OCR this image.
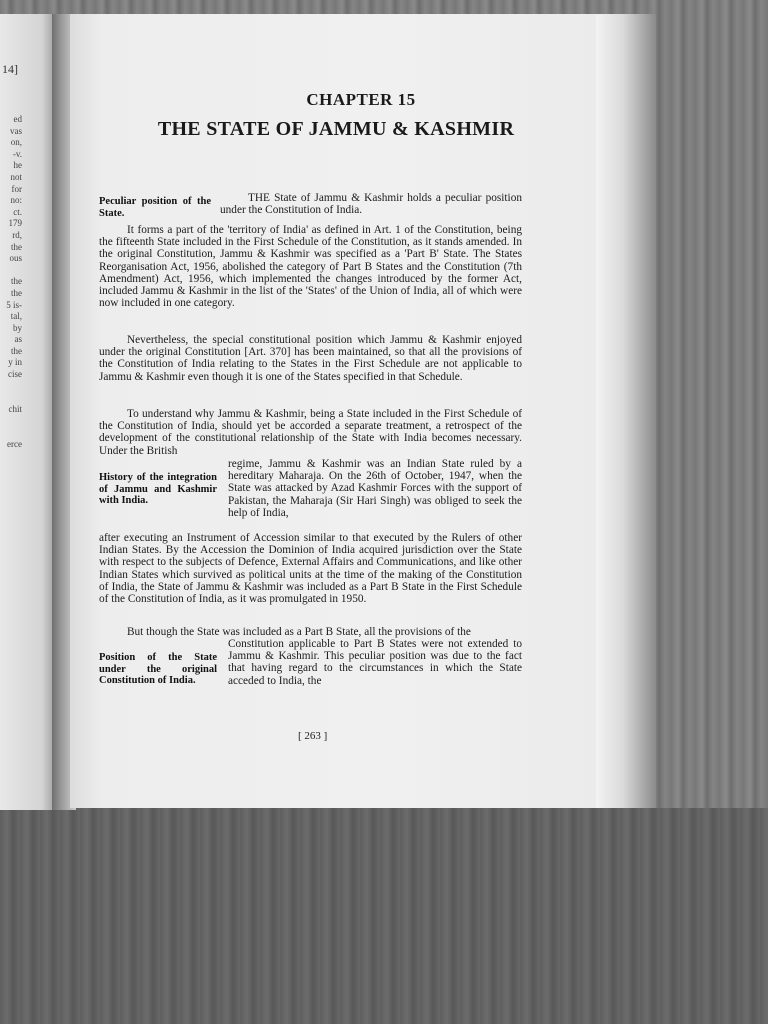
14]
ed
vas
on,
-v.
he
not
for
no:
ct.
179
rd,
the
ous
the
the
5 is-
tal,
by
as
the
y in
cise
chit
erce
CHAPTER 15
THE STATE OF JAMMU & KASHMIR
Peculiar position of the State.
THE State of Jammu & Kashmir holds a peculiar position under the Constitution of India.
It forms a part of the 'territory of India' as defined in Art. 1 of the Constitution, being the fifteenth State included in the First Schedule of the Constitution, as it stands amended. In the original Constitution, Jammu & Kashmir was specified as a 'Part B' State. The States Reorganisation Act, 1956, abolished the category of Part B States and the Constitution (7th Amendment) Act, 1956, which implemented the changes introduced by the former Act, included Jammu & Kashmir in the list of the 'States' of the Union of India, all of which were now included in one category.
Nevertheless, the special constitutional position which Jammu & Kashmir enjoyed under the original Constitution [Art. 370] has been maintained, so that all the provisions of the Constitution of India relating to the States in the First Schedule are not applicable to Jammu & Kashmir even though it is one of the States specified in that Schedule.
To understand why Jammu & Kashmir, being a State included in the First Schedule of the Constitution of India, should yet be accorded a separate treatment, a retrospect of the development of the constitutional relationship of the State with India becomes necessary. Under the British
History of the integration of Jammu and Kashmir with India.
regime, Jammu & Kashmir was an Indian State ruled by a hereditary Maharaja. On the 26th of October, 1947, when the State was attacked by Azad Kashmir Forces with the support of Pakistan, the Maharaja (Sir Hari Singh) was obliged to seek the help of India,
after executing an Instrument of Accession similar to that executed by the Rulers of other Indian States. By the Accession the Dominion of India acquired jurisdiction over the State with respect to the subjects of Defence, External Affairs and Communications, and like other Indian States which survived as political units at the time of the making of the Constitution of India, the State of Jammu & Kashmir was included as a Part B State in the First Schedule of the Constitution of India, as it was promulgated in 1950.
But though the State was included as a Part B State, all the provisions of the
Position of the State under the original Constitution of India.
Constitution applicable to Part B States were not extended to Jammu & Kashmir. This peculiar position was due to the fact that having regard to the circumstances in which the State acceded to India, the
[ 263 ]
